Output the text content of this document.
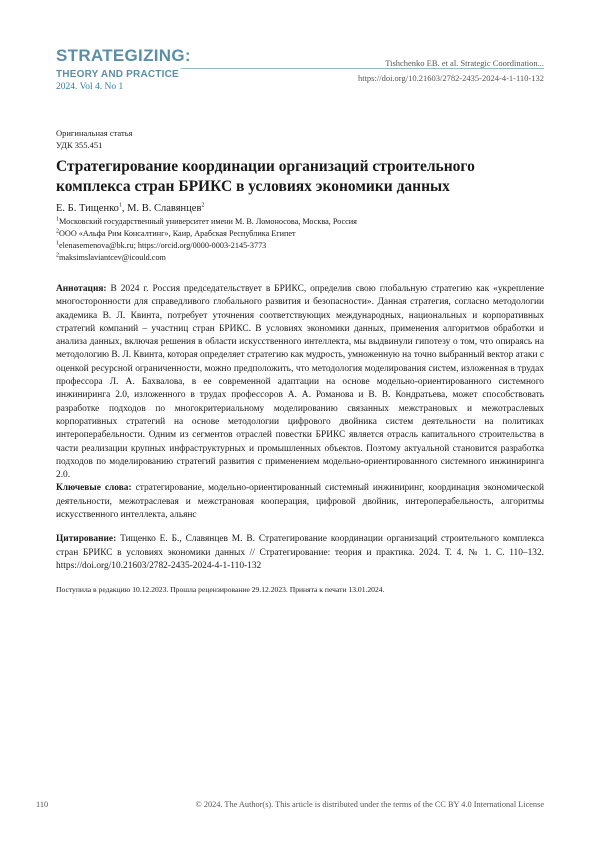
STRATEGIZING:
THEORY AND PRACTICE
2024. Vol 4. No 1
Tishchenko EB. et al. Strategic Coordination...
https://doi.org/10.21603/2782-2435-2024-4-1-110-132
Оригинальная статья
УДК 355.451
Стратегирование координации организаций строительного комплекса стран БРИКС в условиях экономики данных
Е. Б. Тищенко$^1$, М. В. Славянцев$^2$
$^1$Московский государственный университет имени М. В. Ломоносова, Москва, Россия
$^2$ООО «Альфа Рим Консалтинг», Каир, Арабская Республика Египет
$^1$elenasemenova@bk.ru; https://orcid.org/0000-0003-2145-3773
$^2$maksimslaviantcev@icould.com
Аннотация: В 2024 г. Россия председательствует в БРИКС, определив свою глобальную стратегию как «укрепление многосторонности для справедливого глобального развития и безопасности». Данная стратегия, согласно методологии академика В. Л. Квинта, потребует уточнения соответствующих международных, национальных и корпоративных стратегий компаний – участниц стран БРИКС. В условиях экономики данных, применения алгоритмов обработки и анализа данных, включая решения в области искусственного интеллекта, мы выдвинули гипотезу о том, что опираясь на методологию В. Л. Квинта, которая определяет стратегию как мудрость, умноженную на точно выбранный вектор атаки с оценкой ресурсной ограниченности, можно предположить, что методология моделирования систем, изложенная в трудах профессора Л. А. Бахвалова, в ее современной адаптации на основе модельно-ориентированного системного инжиниринга 2.0, изложенного в трудах профессоров А. А. Романова и В. В. Кондратьева, может способствовать разработке подходов по многокритериальному моделированию связанных межстрановых и межотраслевых корпоративных стратегий на основе методологии цифрового двойника систем деятельности на политиках интероперабельности. Одним из сегментов отраслей повестки БРИКС является отрасль капитального строительства в части реализации крупных инфраструктурных и промышленных объектов. Поэтому актуальной становится разработка подходов по моделированию стратегий развития с применением модельно-ориентированного системного инжиниринга 2.0.
Ключевые слова: стратегирование, модельно-ориентированный системный инжиниринг, координация экономической деятельности, межотраслевая и межстрановая кооперация, цифровой двойник, интероперабельность, алгоритмы искусственного интеллекта, альянс
Цитирование: Тищенко Е. Б., Славянцев М. В. Стратегирование координации организаций строительного комплекса стран БРИКС в условиях экономики данных // Стратегирование: теория и практика. 2024. Т. 4. № 1. С. 110–132. https://doi.org/10.21603/2782-2435-2024-4-1-110-132
Поступила в редакцию 10.12.2023. Прошла рецензирование 29.12.2023. Принята к печати 13.01.2024.
110	© 2024. The Author(s). This article is distributed under the terms of the CC BY 4.0 International License
